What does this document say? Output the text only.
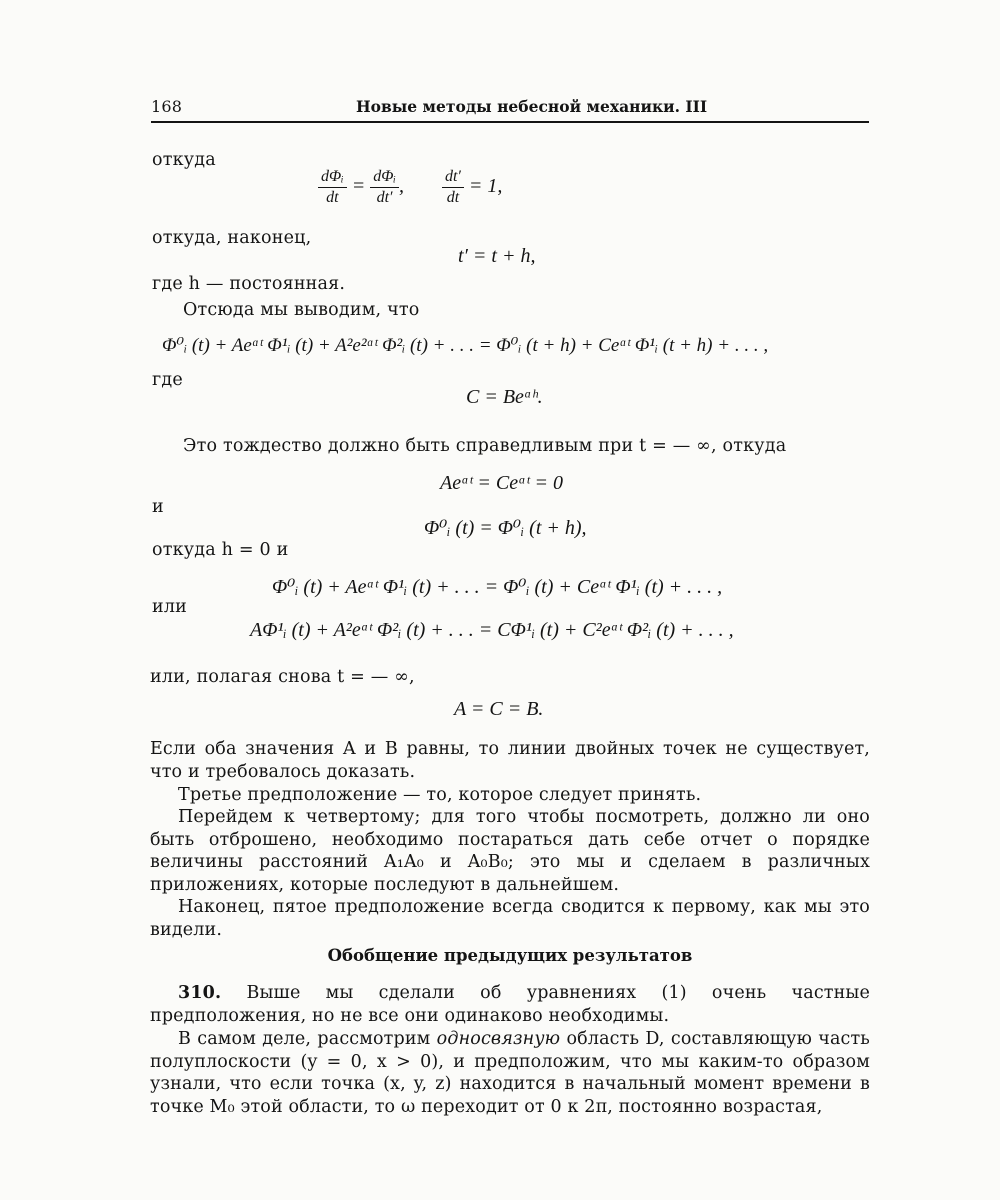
168	Новые методы небесной механики. III
откуда
$\frac{\text{dΦᵢ}}{dt} = \frac{\text{dΦᵢ}}{dt'}$ , $\frac{dt'}{dt} = 1$,
откуда, наконец,
t′ = t + h,
где h — постоянная.
Отсюда мы выводим, что
Φ⁰ᵢ (t) + Aeᵅᵗ Φ¹ᵢ (t) + A²e²ᵅᵗ Φ²ᵢ (t) + . . . = Φ⁰ᵢ (t + h) + Ceᵅᵗ Φ¹ᵢ (t + h) + . . . ,
где
C = Beᵅʰ.
Это тождество должно быть справедливым при t = — ∞, откуда
Aeᵅᵗ = Ceᵅᵗ = 0
и
Φ⁰ᵢ (t) = Φ⁰ᵢ (t + h),
откуда h = 0 и
Φ⁰ᵢ (t) + Aeᵅᵗ Φ¹ᵢ (t) + . . . = Φ⁰ᵢ (t) + Ceᵅᵗ Φ¹ᵢ (t) + . . . ,
или
AΦ¹ᵢ (t) + A²eᵅᵗ Φ²ᵢ (t) + . . . = CΦ¹ᵢ (t) + C²eᵅᵗ Φ²ᵢ (t) + . . . ,
или, полагая снова t = — ∞,
A = C = B.
Если оба значения A и B равны, то линии двойных точек не существует, что и требовалось доказать.
Третье предположение — то, которое следует принять.
Перейдем к четвертому; для того чтобы посмотреть, должно ли оно быть отброшено, необходимо постараться дать себе отчет о порядке величины расстояний A₁A₀ и A₀B₀; это мы и сделаем в различных приложениях, которые последуют в дальнейшем.
Наконец, пятое предположение всегда сводится к первому, как мы это видели.
Обобщение предыдущих результатов
310. Выше мы сделали об уравнениях (1) очень частные предположения, но не все они одинаково необходимы.
В самом деле, рассмотрим односвязную область D, составляющую часть полуплоскости (y = 0, x > 0), и предположим, что мы каким-то образом узнали, что если точка (x, y, z) находится в начальный момент времени в точке M₀ этой области, то ω переходит от 0 к 2π, постоянно возрастая,
